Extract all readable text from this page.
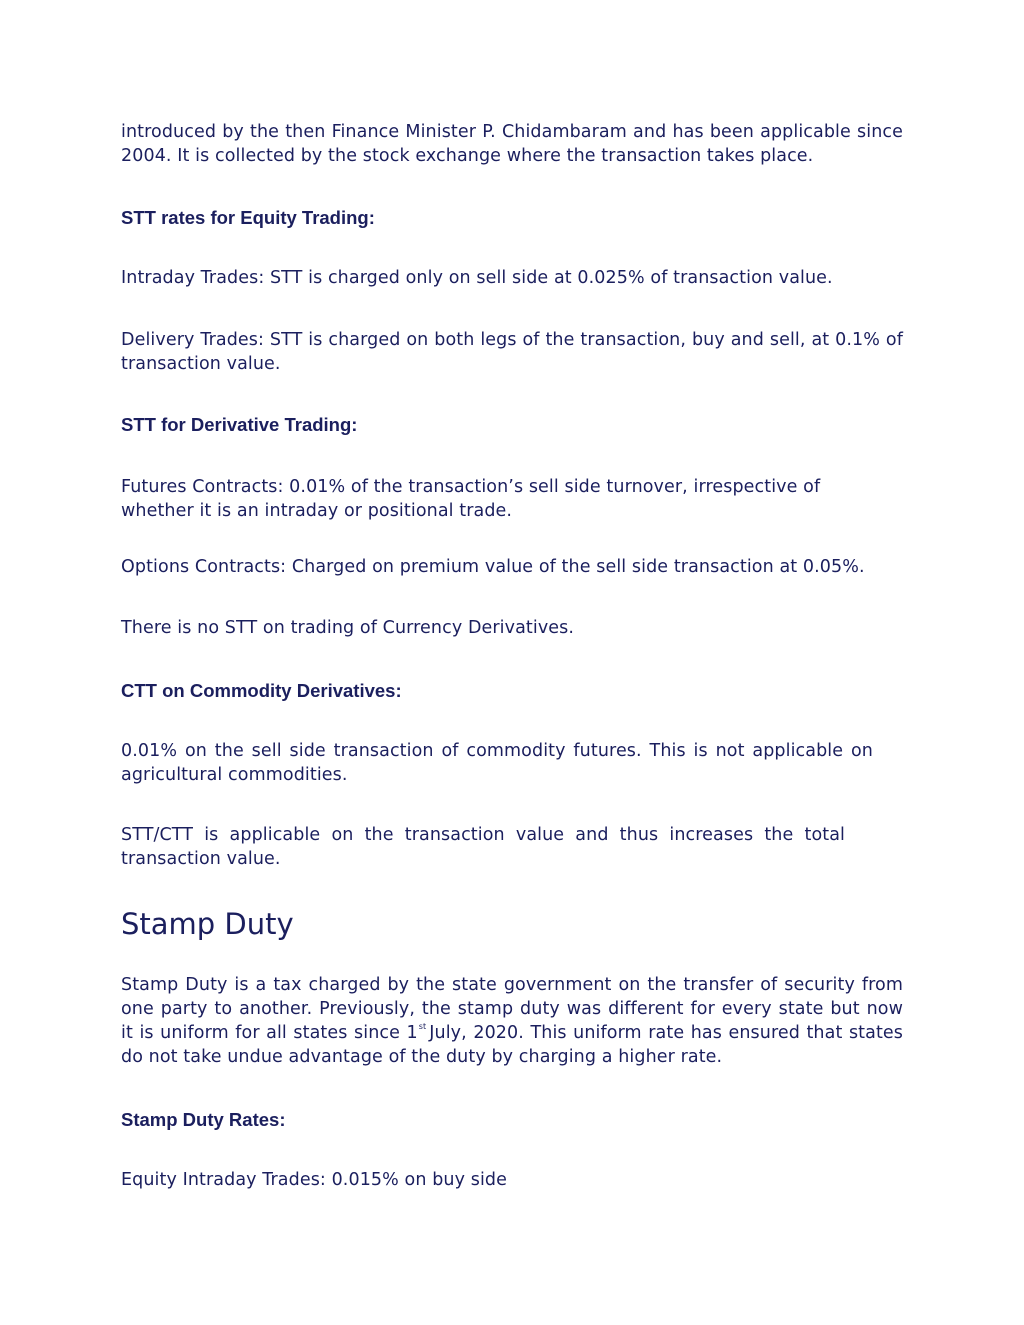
introduced by the then Finance Minister P. Chidambaram and has been applicable since 2004. It is collected by the stock exchange where the transaction takes place.

STT rates for Equity Trading:

Intraday Trades: STT is charged only on sell side at 0.025% of transaction value.

Delivery Trades: STT is charged on both legs of the transaction, buy and sell, at 0.1% of transaction value.

STT for Derivative Trading:

Futures Contracts: 0.01% of the transaction’s sell side turnover, irrespective of whether it is an intraday or positional trade.

Options Contracts: Charged on premium value of the sell side transaction at 0.05%.

There is no STT on trading of Currency Derivatives.

CTT on Commodity Derivatives:

0.01% on the sell side transaction of commodity futures. This is not applicable on agricultural commodities.

STT/CTT is applicable on the transaction value and thus increases the total transaction value.

Stamp Duty

Stamp Duty is a tax charged by the state government on the transfer of security from one party to another. Previously, the stamp duty was different for every state but now it is uniform for all states since 1st July, 2020. This uniform rate has ensured that states do not take undue advantage of the duty by charging a higher rate.

Stamp Duty Rates:

Equity Intraday Trades: 0.015% on buy side
